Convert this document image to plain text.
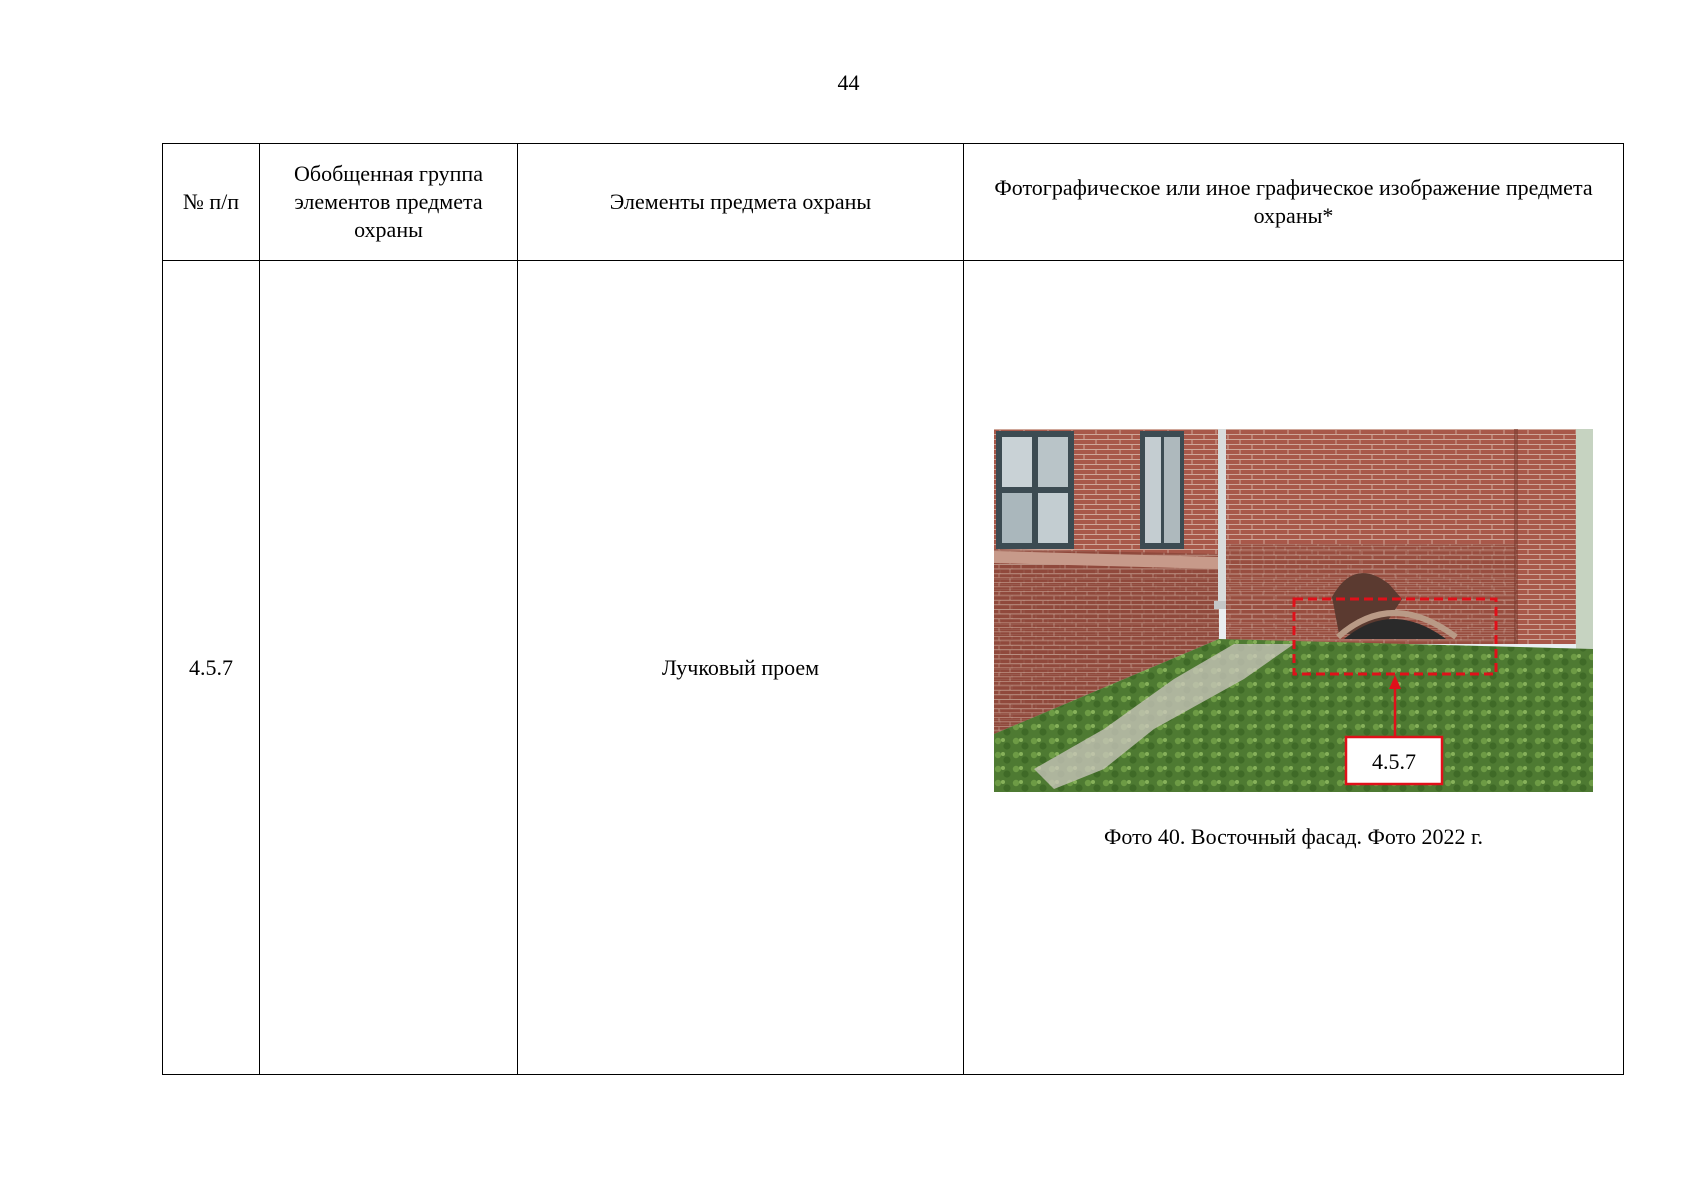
44
№ п/п	Обобщенная группа элементов предмета охраны	Элементы предмета охраны	Фотографическое или иное графическое изображение предмета охраны*
4.5.7		Лучковый проем	4.5.7
Фото 40. Восточный фасад. Фото 2022 г.
